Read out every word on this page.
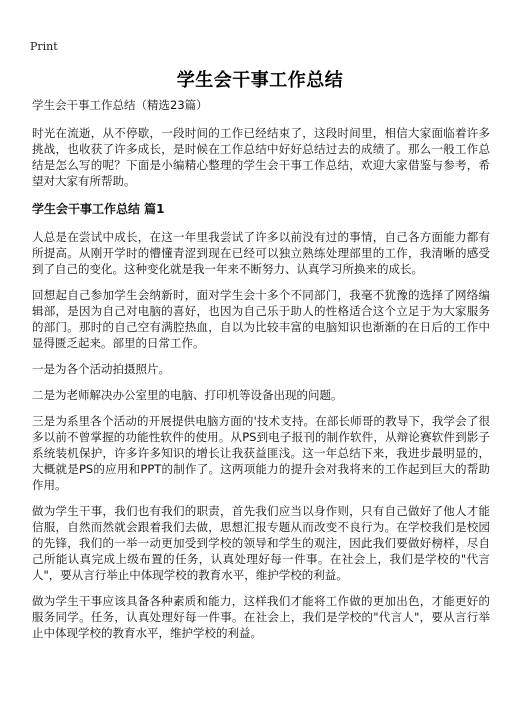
Print
学生会干事工作总结

学生会干事工作总结（精选23篇）

时光在流逝，从不停歇，一段时间的工作已经结束了，这段时间里，相信大家面临着许多挑战，也收获了许多成长，是时候在工作总结中好好总结过去的成绩了。那么一般工作总结是怎么写的呢？下面是小编精心整理的学生会干事工作总结，欢迎大家借鉴与参考，希望对大家有所帮助。

学生会干事工作总结 篇1

人总是在尝试中成长，在这一年里我尝试了许多以前没有过的事情，自己各方面能力都有所提高。从刚开学时的懵懂青涩到现在已经可以独立熟练处理部里的工作，我清晰的感受到了自己的变化。这种变化就是我一年来不断努力、认真学习所换来的成长。

回想起自己参加学生会纳新时，面对学生会十多个不同部门，我毫不犹豫的选择了网络编辑部，是因为自己对电脑的喜好，也因为自己乐于助人的性格适合这个立足于为大家服务的部门。那时的自己空有满腔热血，自以为比较丰富的电脑知识也渐渐的在日后的工作中显得匮乏起来。部里的日常工作。

一是为各个活动拍摄照片。

二是为老师解决办公室里的电脑、打印机等设备出现的问题。

三是为系里各个活动的开展提供电脑方面的'技术支持。在部长师哥的教导下，我学会了很多以前不曾掌握的功能性软件的使用。从PS到电子报刊的制作软件，从辩论赛软件到影子系统装机保护，许多许多知识的增长让我获益匪浅。这一年总结下来，我进步最明显的，大概就是PS的应用和PPT的制作了。这两项能力的提升会对我将来的工作起到巨大的帮助作用。

做为学生干事，我们也有我们的职责，首先我们应当以身作则，只有自己做好了他人才能信服，自然而然就会跟着我们去做，思想汇报专题从而改变不良行为。在学校我们是校园的先锋，我们的一举一动更加受到学校的领导和学生的观注，因此我们要做好榜样，尽自己所能认真完成上级布置的任务，认真处理好每一件事。在社会上，我们是学校的"代言人"，要从言行举止中体现学校的教育水平，维护学校的利益。

做为学生干事应该具备各种素质和能力，这样我们才能将工作做的更加出色，才能更好的服务同学。任务，认真处理好每一件事。在社会上，我们是学校的"代言人"，要从言行举止中体现学校的教育水平，维护学校的利益。
